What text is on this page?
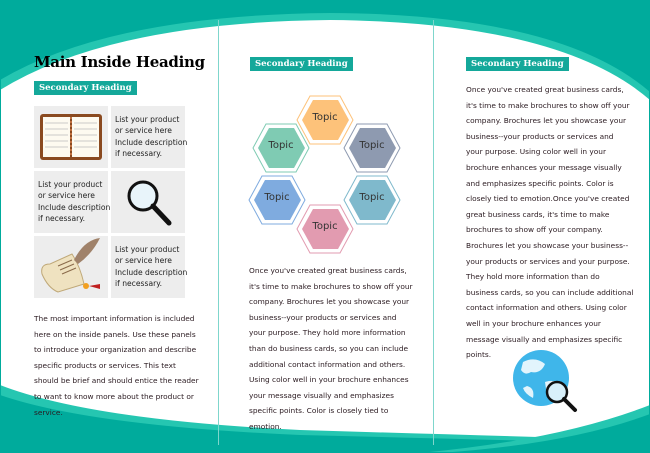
Main Inside Heading
Secondary Heading
List your product
or service here
Include description
if necessary.
List your product
or service here
Include description
if necessary.
List your product
or service here
Include description
if necessary.
The most important information is included
here on the inside panels. Use these panels
to introduce your organization and describe
specific products or services. This text
should be brief and should entice the reader
to want to know more about the product or
service.
Secondary Heading
Topic
Topic	Topic
Topic	Topic
Topic
Once you've created great business cards,
it's time to make brochures to show off your
company. Brochures let you showcase your
business--your products or services and
your purpose. They hold more information
than do business cards, so you can include
additional contact information and others.
Using color well in your brochure enhances
your message visually and emphasizes
specific points. Color is closely tied to
emotion.
Secondary Heading
Once you've created great business cards,
it's time to make brochures to show off your
company. Brochures let you showcase your
business--your products or services and
your purpose. Using color well in your
brochure enhances your message visually
and emphasizes specific points. Color is
closely tied to emotion.Once you've created
great business cards, it's time to make
brochures to show off your company.
Brochures let you showcase your business--
your products or services and your purpose.
They hold more information than do
business cards, so you can include additional
contact information and others. Using color
well in your brochure enhances your
message visually and emphasizes specific
points.
